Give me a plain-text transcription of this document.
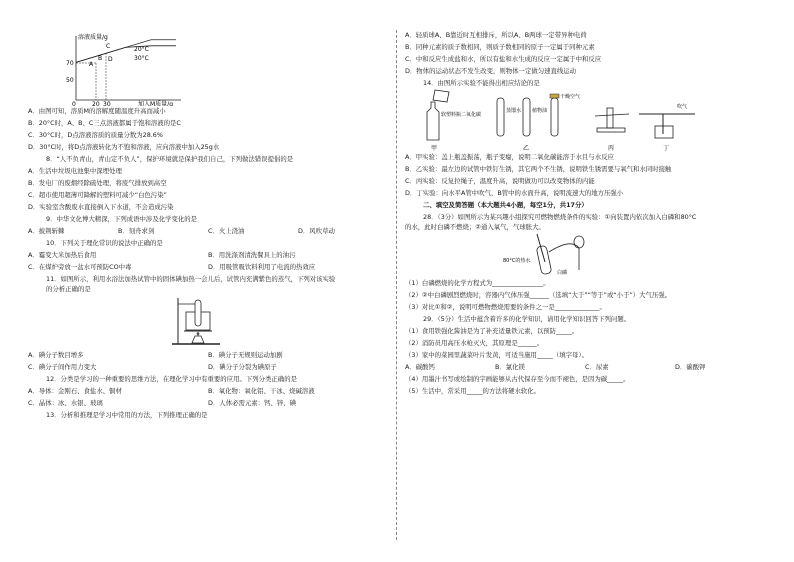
溶液质量/g
加入M质量/g
70
50
0	20 30
A
B
C
D
20°C
30°C
A．由图可知，溶质M的溶解度随温度升高而减小
B．20°C时，A、B、C三点溶液都属于饱和溶液的是C
C．30°C时，D点溶液溶质的质量分数为28.6%
D．30°C时，将D点溶液转化为不饱和溶液，应向溶液中加入25g水
8．“人不负青山，青山定不负人”，保护环境就是保护我们自己，下列做法错误提倡的是
A．生活中垃圾电池集中深埋处理
B．发电厂的废烟经除硫处理，将废气排放到高空
C．超市使用超薄可降解的塑料可减少“白色污染”
D．实验室含酸废水直接倒入下水道，不会造成污染
9．中华文化博大精深，下列成语中涉及化学变化的是
A．披荆斩棘	B．刻舟求剑	C．火上浇油	D．风吹草动
10．下列关于理化常识的说法中正确的是
A．霉变大米加热后食用	B．用洗涤剂清洗餐具上的油污
C．在煤炉旁放一盆水可预防CO中毒	D．用吸管吸饮料利用了电流的热效应
11．如图所示，利用水浴法加热试管中的固体碘加热一会儿后，试管内充满紫色的蒸气，下列对该实验
的分析正确的是
A．碘分子数目增多	B．碘分子无规则运动加剧
C．碘分子间作用力变大	D．碘分子分裂为碘原子
12．分类是学习的一种重要的思维方法，在理化学习中有重要的应用。下列分类正确的是
A．导体：金刚石、食盐水、铜材	B．氧化物：氧化铝、干冰、烧碱溶液
C．晶体：冰、水银、玻璃	D．人体必需元素：钙、锌、碘
13．分析和推理是学习中常用的方法，下列推理正确的是
A．轻质球A、B靠近时互相排斥，所以A、B两球一定带异种电荷
B．同种元素的质子数相同，则质子数相同的原子一定属于同种元素
C．中和反应生成盐和水，所以有盐和水生成的反应一定属于中和反应
D．物体的运动状态不发生改变，则物体一定做匀速直线运动
14．由图所示实验不能得出相应结论的是
软塑料瓶二氧化碳
甲
蒸馏水 植物油
干燥空气
乙	丙
吹气
丁
A．甲实验：盖上瓶盖振荡，瓶子变瘪，说明二氧化碳能溶于水且与水反应
B．乙实验：最左边的试管中铁钉生锈，其它两个不生锈，说明铁生锈需要与氧气和水同时接触
C．丙实验：反复拉绳子，温度升高，说明做功可以改变物体的内能
D．丁实验：向水平A管中吹气，B管中的水面升高，说明流速大的地方压强小
二、填空及简答题（本大题共4小题，每空1分，共17分）
28．（3分）如图所示为某兴趣小组探究可燃物燃烧条件的实验：①向装置内依次加入白磷和80°C
的水，此时白磷不燃烧；②通入氧气，气球胀大。
80°C的热水
白磷
（1）白磷燃烧的化学方程式为________________。
（2）②中白磷剧烈燃烧时，容器内气体压强______（选填“大于”“等于”或“小于”）大气压强。
（3）对比①和②，说明可燃物燃烧需要的条件之一是______________。
29．（5分）生活中蕴含着许多的化学知识，请用化学知识回答下列问题。
（1）食用铁强化酱油是为了补充适量铁元素，以预防_____。
（2）消防员用高压水枪灭火，其原理是______。
（3）家中的菜园里蔬菜叶片发黄，可适当施用_____（填字母）。
A．碳酸钙	B．氯化镁	C．尿素	D．碳酸钾
（4）用墨汁书写或绘制的字画能够从古代保存至今而不褪色，是因为碳_____。
（5）生活中，常采用_____的方法将硬水软化。
